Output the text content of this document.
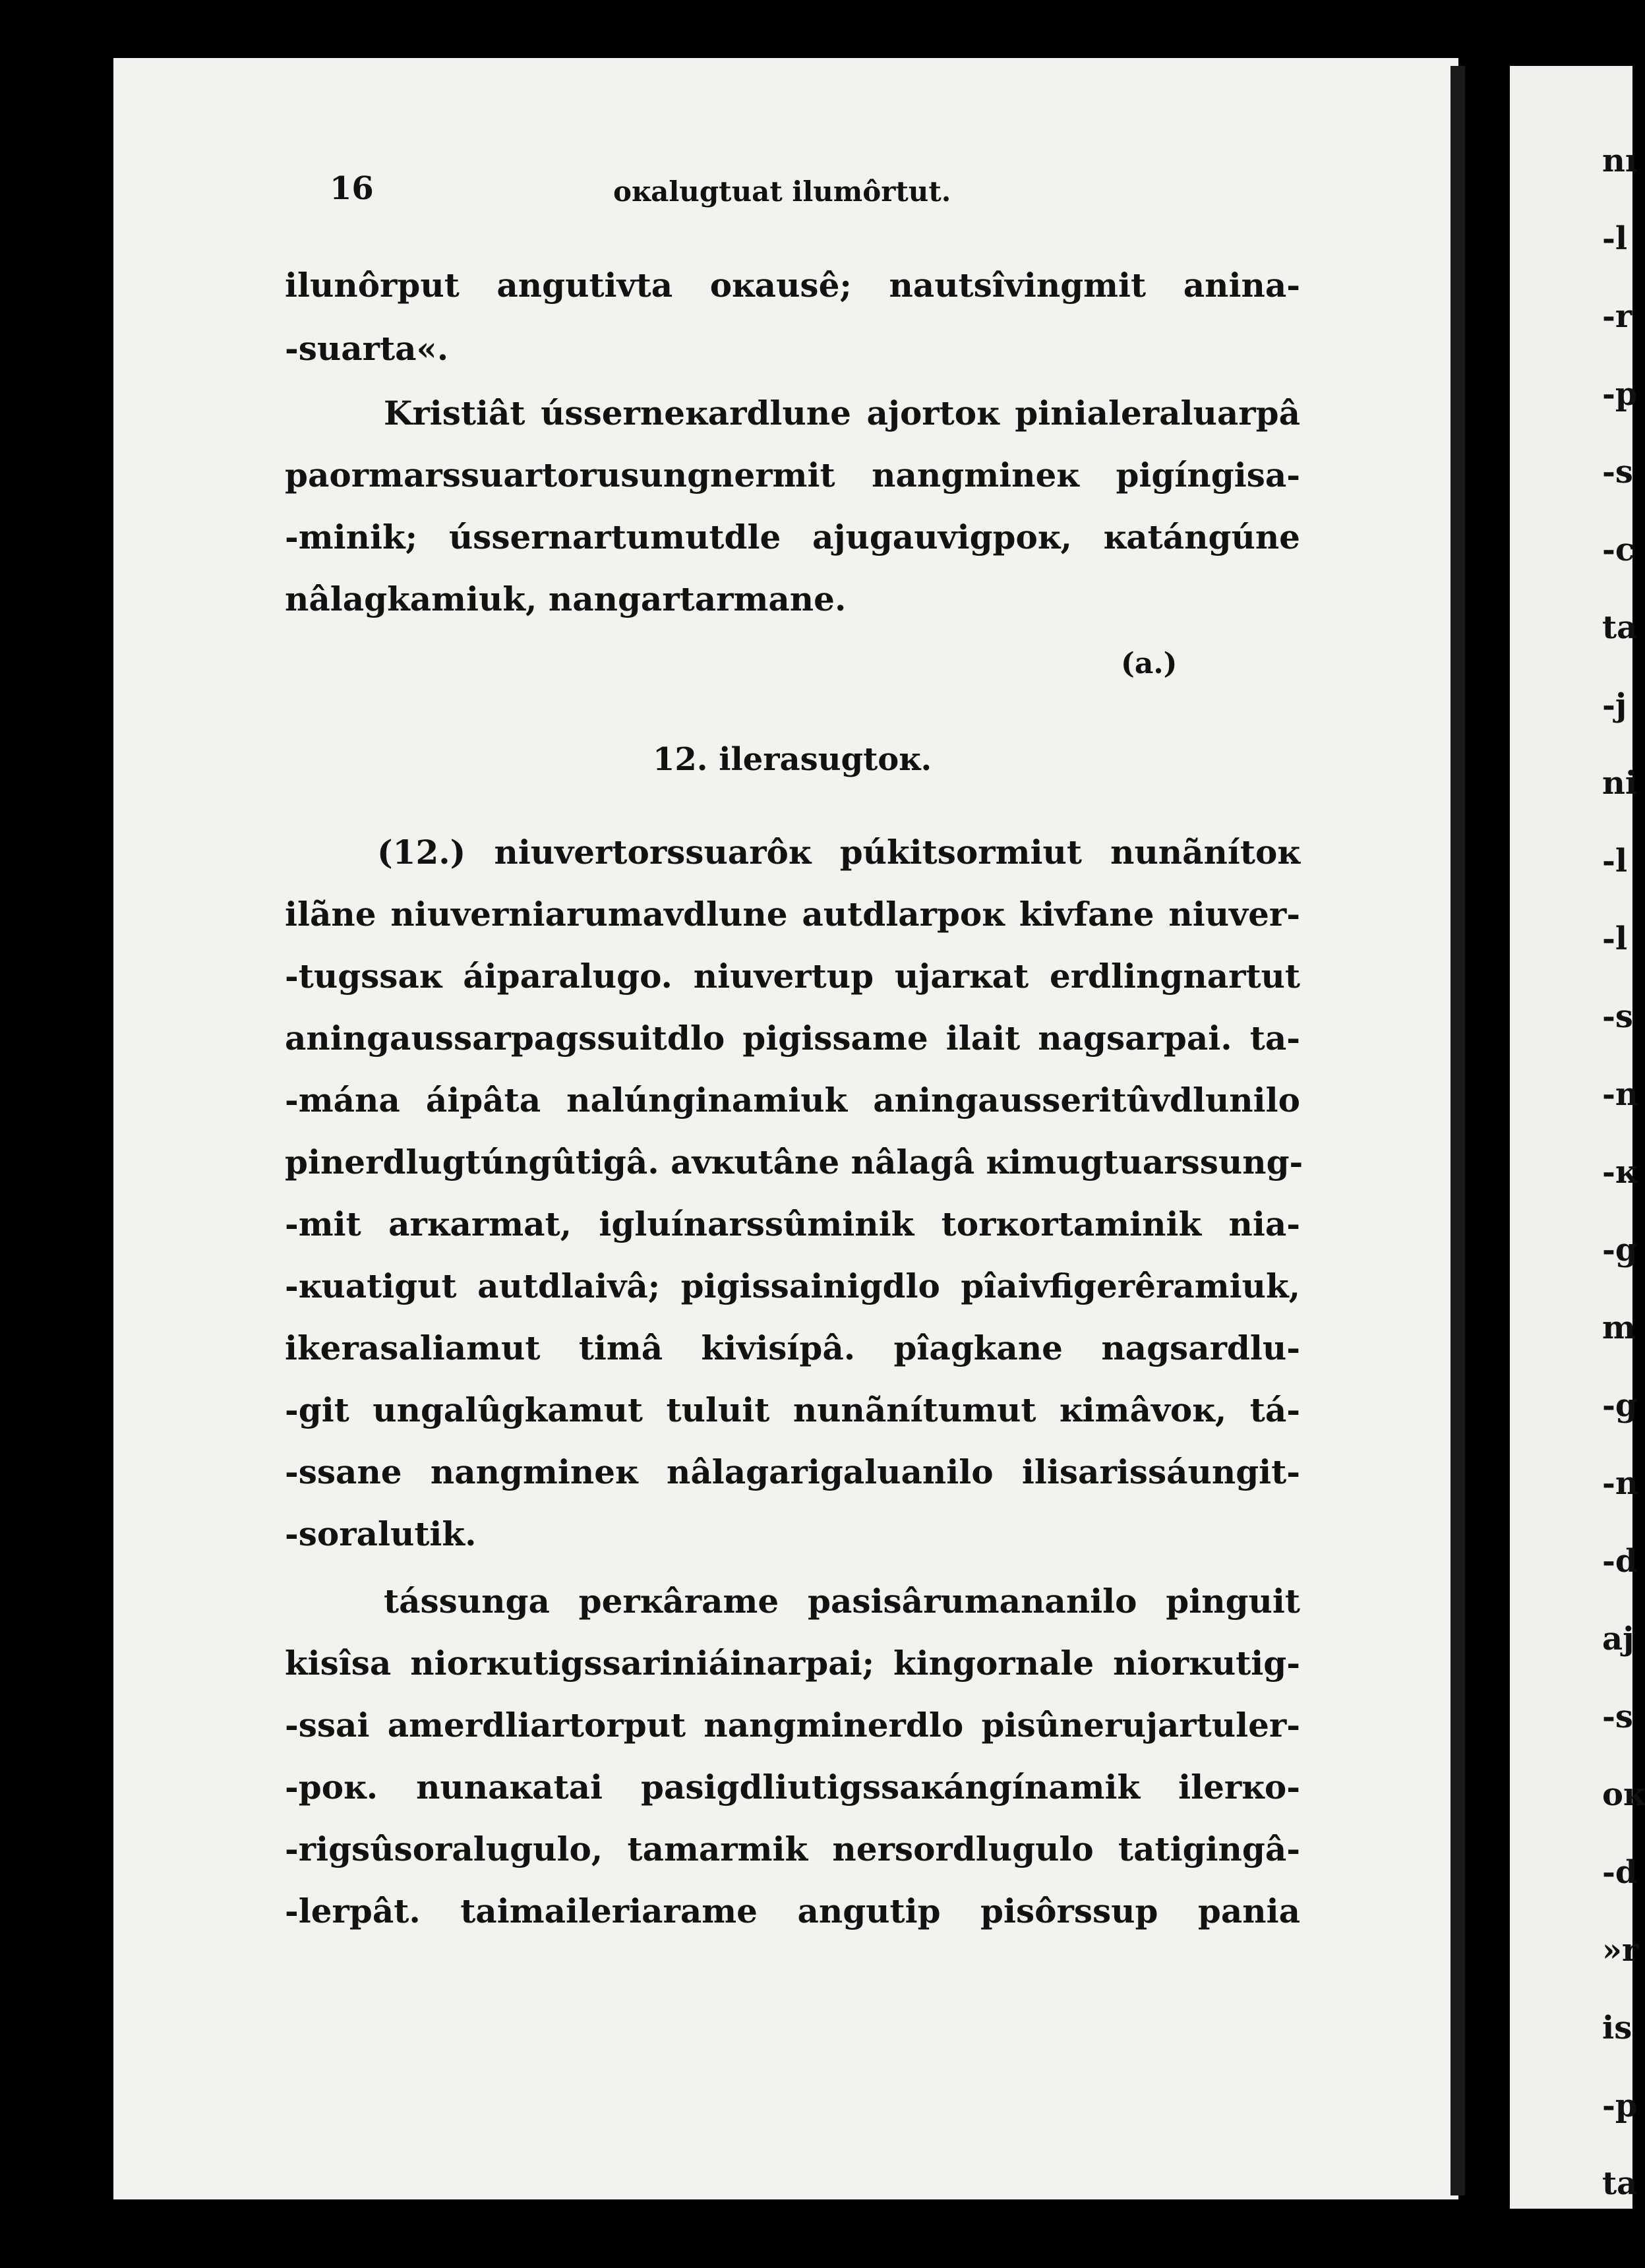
nı
-l
-r
-p
-s
-c
ta
-j
ni
-l
-l
-s
-n
-ĸ
-g
m
-g
-n
-d
aj
-s
oĸ
-d
»r
is
-p
ta
16	oĸalugtuat ilumôrtut.
ilunôrput angutivta oĸausê; nautsîvingmit anina-
-suarta«.
Kristiât ússerneĸardlune ajortoĸ pinialeraluarpâ
paormarssuartorusungnermit nangmineĸ pigíngisa-
-minik; ússernartumutdle ajugauvigpoĸ, ĸatángúne
nâlagkamiuk, nangartarmane.
(a.)
12. ilerasugtoĸ.
(12.) niuvertorssuarôĸ púkitsormiut nunãnítoĸ
ilãne niuverniarumavdlune autdlarpoĸ kivfane niuver-
-tugssaĸ áiparalugo. niuvertup ujarĸat erdlingnartut
aningaussarpagssuitdlo pigissame ilait nagsarpai. ta-
-mána áipâta nalúnginamiuk aningausseritûvdlunilo
pinerdlugtúngûtigâ. avĸutâne nâlagâ ĸimugtuarssung-
-mit arĸarmat, igluínarssûminik torĸortaminik nia-
-ĸuatigut autdlaivâ; pigissainigdlo pîaivfigerêramiuk,
ikerasaliamut timâ kivisípâ. pîagkane nagsardlu-
-git ungalûgkamut tuluit nunãnítumut ĸimâvoĸ, tá-
-ssane nangmineĸ nâlagarigaluanilo ilisarissáungit-
-soralutik.
tássunga perĸârame pasisârumananilo pinguit
kisîsa niorĸutigssariniáinarpai; kingornale niorĸutig-
-ssai amerdliartorput nangminerdlo pisûnerujartuler-
-poĸ. nunaĸatai pasigdliutigssaĸángínamik ilerĸo-
-rigsûsoralugulo, tamarmik nersordlugulo tatigingâ-
-lerpât. taimaileriarame angutip pisôrssup pania
